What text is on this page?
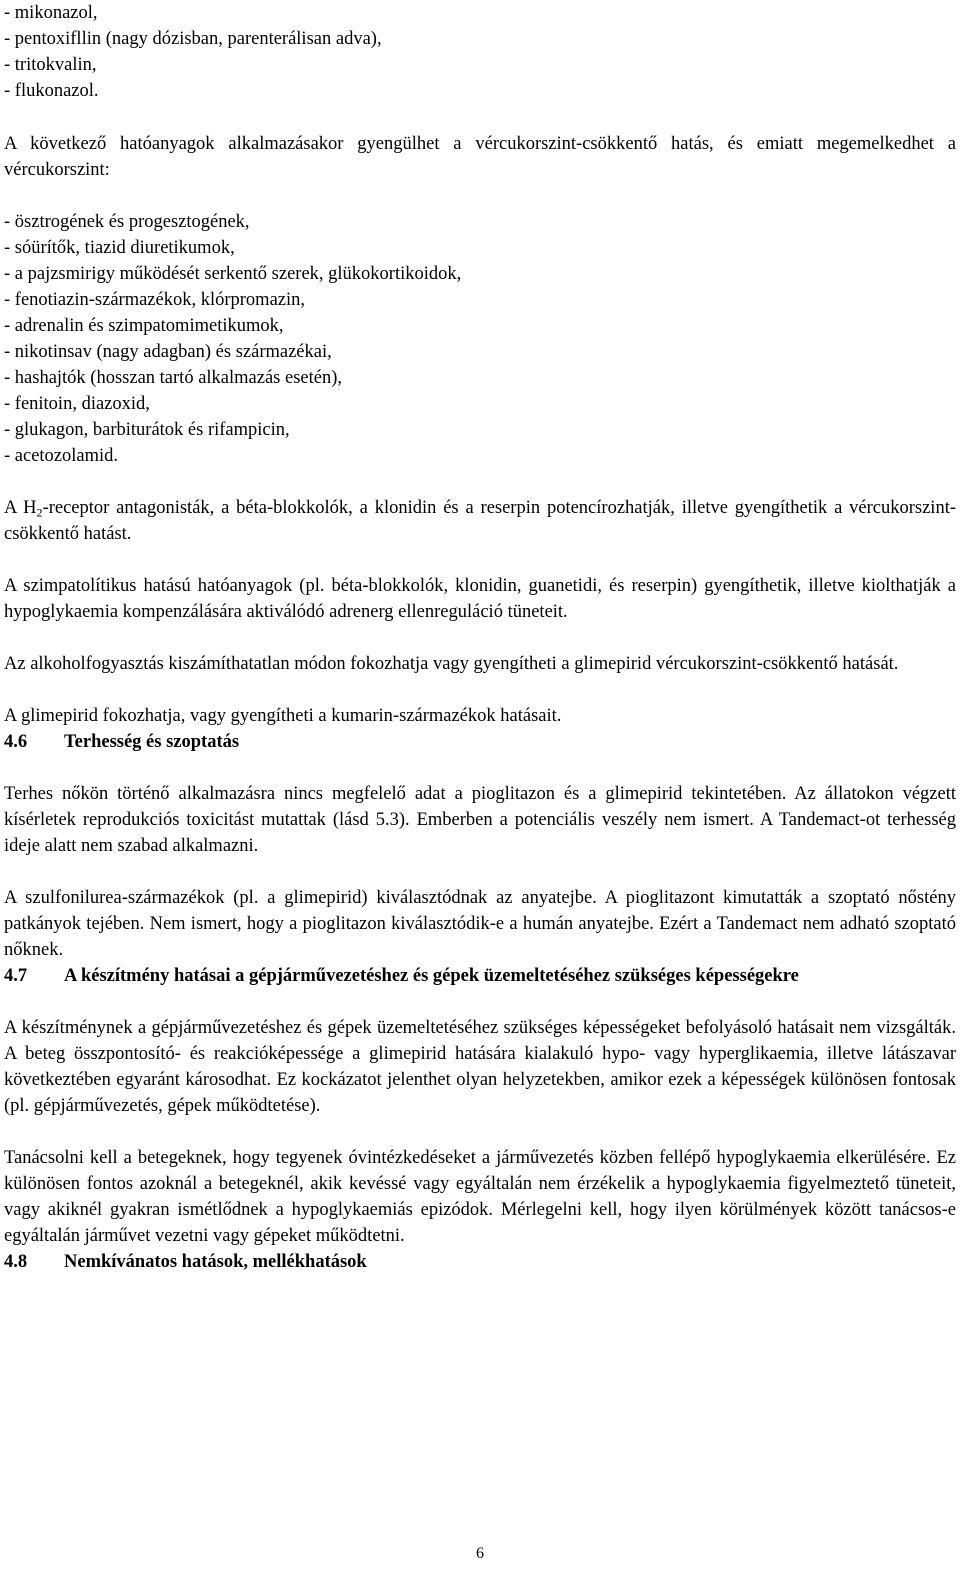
- mikonazol,
- pentoxifllin (nagy dózisban, parenterálisan adva),
- tritokvalin,
- flukonazol.

A következő hatóanyagok alkalmazásakor gyengülhet a vércukorszint-csökkentő hatás, és emiatt megemelkedhet a vércukorszint:

- ösztrogének és progesztogének,
- sóürítők, tiazid diuretikumok,
- a pajzsmirigy működését serkentő szerek, glükokortikoidok,
- fenotiazin-származékok, klórpromazin,
- adrenalin és szimpatomimetikumok,
- nikotinsav (nagy adagban) és származékai,
- hashajtók (hosszan tartó alkalmazás esetén),
- fenitoin, diazoxid,
- glukagon, barbiturátok és rifampicin,
- acetozolamid.

A $H_2$-receptor antagonisták, a béta-blokkolók, a klonidin és a reserpin potencírozhatják, illetve gyengíthetik a vércukorszint-csökkentő hatást.

A szimpatolítikus hatású hatóanyagok (pl. béta-blokkolók, klonidin, guanetidi, és reserpin) gyengíthetik, illetve kiolthatják a hypoglykaemia kompenzálására aktiválódó adrenerg ellenreguláció tüneteit.

Az alkoholfogyasztás kiszámíthatatlan módon fokozhatja vagy gyengítheti a glimepirid vércukorszint-csökkentő hatását.

A glimepirid fokozhatja, vagy gyengítheti a kumarin-származékok hatásait.

4.6	Terhesség és szoptatás

Terhes nőkön történő alkalmazásra nincs megfelelő adat a pioglitazon és a glimepirid tekintetében. Az állatokon végzett kísérletek reprodukciós toxicitást mutattak (lásd 5.3). Emberben a potenciális veszély nem ismert. A Tandemact-ot terhesség ideje alatt nem szabad alkalmazni.

A szulfonilurea-származékok (pl. a glimepirid) kiválasztódnak az anyatejbe. A pioglitazont kimutatták a szoptató nőstény patkányok tejében. Nem ismert, hogy a pioglitazon kiválasztódik-e a humán anyatejbe. Ezért a Tandemact nem adható szoptató nőknek.

4.7	A készítmény hatásai a gépjárművezetéshez és gépek üzemeltetéséhez szükséges képességekre

A készítménynek a gépjárművezetéshez és gépek üzemeltetéséhez szükséges képességeket befolyásoló hatásait nem vizsgálták. A beteg összpontosító- és reakcióképessége a glimepirid hatására kialakuló hypo- vagy hyperglikaemia, illetve látászavar következtében egyaránt károsodhat. Ez kockázatot jelenthet olyan helyzetekben, amikor ezek a képességek különösen fontosak (pl. gépjárművezetés, gépek működtetése).

Tanácsolni kell a betegeknek, hogy tegyenek óvintézkedéseket a járművezetés közben fellépő hypoglykaemia elkerülésére. Ez különösen fontos azoknál a betegeknél, akik kevéssé vagy egyáltalán nem érzékelik a hypoglykaemia figyelmeztető tüneteit, vagy akiknél gyakran ismétlődnek a hypoglykaemiás epizódok. Mérlegelni kell, hogy ilyen körülmények között tanácsos-e egyáltalán járművet vezetni vagy gépeket működtetni.

4.8	Nemkívánatos hatások, mellékhatások
6
